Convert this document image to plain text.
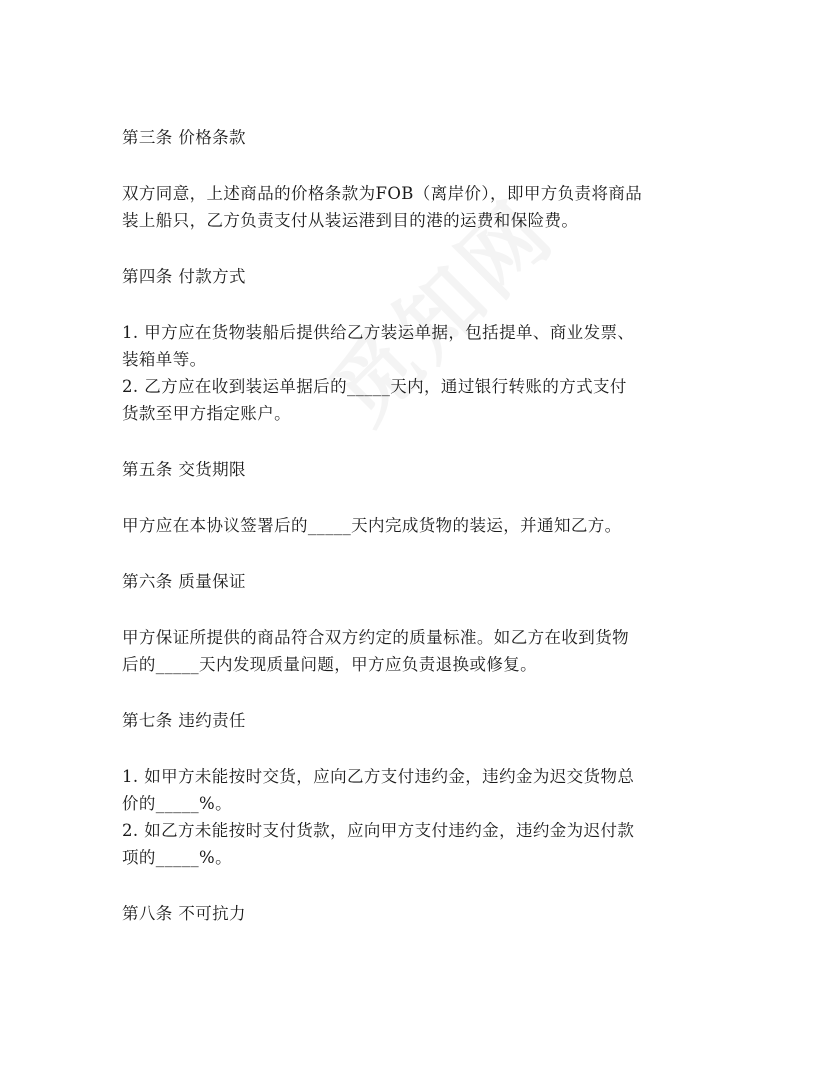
第三条 价格条款
双方同意，上述商品的价格条款为FOB（离岸价），即甲方负责将商品
装上船只，乙方负责支付从装运港到目的港的运费和保险费。
第四条 付款方式
1. 甲方应在货物装船后提供给乙方装运单据，包括提单、商业发票、
装箱单等。
2. 乙方应在收到装运单据后的_____天内，通过银行转账的方式支付
货款至甲方指定账户。
第五条 交货期限
甲方应在本协议签署后的_____天内完成货物的装运，并通知乙方。
第六条 质量保证
甲方保证所提供的商品符合双方约定的质量标准。如乙方在收到货物
后的_____天内发现质量问题，甲方应负责退换或修复。
第七条 违约责任
1. 如甲方未能按时交货，应向乙方支付违约金，违约金为迟交货物总
价的_____%。
2. 如乙方未能按时支付货款，应向甲方支付违约金，违约金为迟付款
项的_____%。
第八条 不可抗力
